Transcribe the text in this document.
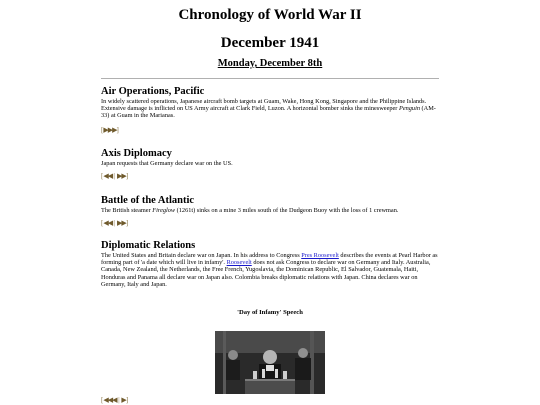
Chronology of World War II
December 1941
Monday, December 8th
Air Operations, Pacific

In widely scattered operations, Japanese aircraft bomb targets at Guam, Wake, Hong Kong, Singapore and the Philippine Islands. Extensive damage is inflicted on US Army aircraft at Clark Field, Luzon. A horizontal bomber sinks the minesweeper Penguin (AM-33) at Guam in the Marianas.

[▶▶▶]
Axis Diplomacy

Japan requests that Germany declare war on the US.

[◀◀ | ▶▶]
Battle of the Atlantic

The British steamer Fireglow (1261t) sinks on a mine 3 miles south of the Dudgeon Buoy with the loss of 1 crewman.

[◀◀ | ▶▶]
Diplomatic Relations

The United States and Britain declare war on Japan. In his address to Congress Pres Roosevelt describes the events at Pearl Harbor as forming part of 'a date which will live in infamy'. Roosevelt does not ask Congress to declare war on Germany and Italy. Australia, Canada, New Zealand, the Netherlands, the Free French, Yugoslavia, the Dominican Republic, El Salvador, Guatemala, Haiti, Honduras and Panama all declare war on Japan also. Colombia breaks diplomatic relations with Japan. China declares war on Germany, Italy and Japan.

'Day of Infamy' Speech
[◀◀◀ | ▶]
